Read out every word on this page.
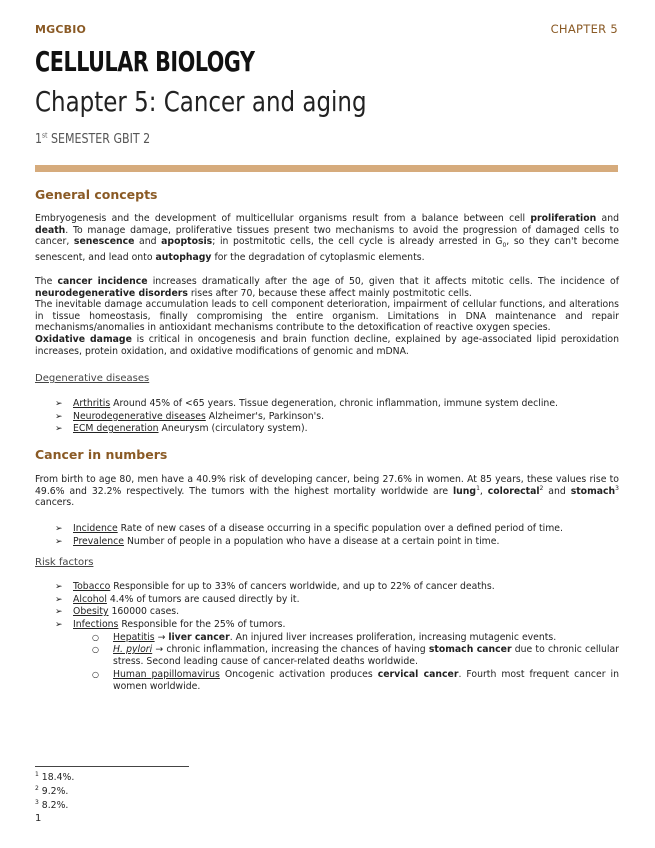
MGCBIO	CHAPTER 5
CELLULAR BIOLOGY
Chapter 5: Cancer and aging
1st SEMESTER GBIT 2
General concepts
Embryogenesis and the development of multicellular organisms result from a balance between cell proliferation and death. To manage damage, proliferative tissues present two mechanisms to avoid the progression of damaged cells to cancer, senescence and apoptosis; in postmitotic cells, the cell cycle is already arrested in $G_0$, so they can't become senescent, and lead onto autophagy for the degradation of cytoplasmic elements.
The cancer incidence increases dramatically after the age of 50, given that it affects mitotic cells. The incidence of neurodegenerative disorders rises after 70, because these affect mainly postmitotic cells.
The inevitable damage accumulation leads to cell component deterioration, impairment of cellular functions, and alterations in tissue homeostasis, finally compromising the entire organism. Limitations in DNA maintenance and repair mechanisms/anomalies in antioxidant mechanisms contribute to the detoxification of reactive oxygen species.
Oxidative damage is critical in oncogenesis and brain function decline, explained by age-associated lipid peroxidation increases, protein oxidation, and oxidative modifications of genomic and mDNA.
Degenerative diseases
➢ Arthritis Around 45% of <65 years. Tissue degeneration, chronic inflammation, immune system decline.
➢ Neurodegenerative diseases Alzheimer's, Parkinson's.
➢ ECM degeneration Aneurysm (circulatory system).
Cancer in numbers
From birth to age 80, men have a 40.9% risk of developing cancer, being 27.6% in women. At 85 years, these values rise to 49.6% and 32.2% respectively. The tumors with the highest mortality worldwide are lung$^1$, colorectal$^2$ and stomach$^3$ cancers.
➢ Incidence Rate of new cases of a disease occurring in a specific population over a defined period of time.
➢ Prevalence Number of people in a population who have a disease at a certain point in time.
Risk factors
➢ Tobacco Responsible for up to 33% of cancers worldwide, and up to 22% of cancer deaths.
➢ Alcohol 4.4% of tumors are caused directly by it.
➢ Obesity 160000 cases.
➢ Infections Responsible for the 25% of tumors.
○ Hepatitis → liver cancer. An injured liver increases proliferation, increasing mutagenic events.
○ H. pylori → chronic inflammation, increasing the chances of having stomach cancer due to chronic cellular stress. Second leading cause of cancer-related deaths worldwide.
○ Human papillomavirus Oncogenic activation produces cervical cancer. Fourth most frequent cancer in women worldwide.
$^1$ 18.4%.
$^2$ 9.2%.
$^3$ 8.2%.
1
